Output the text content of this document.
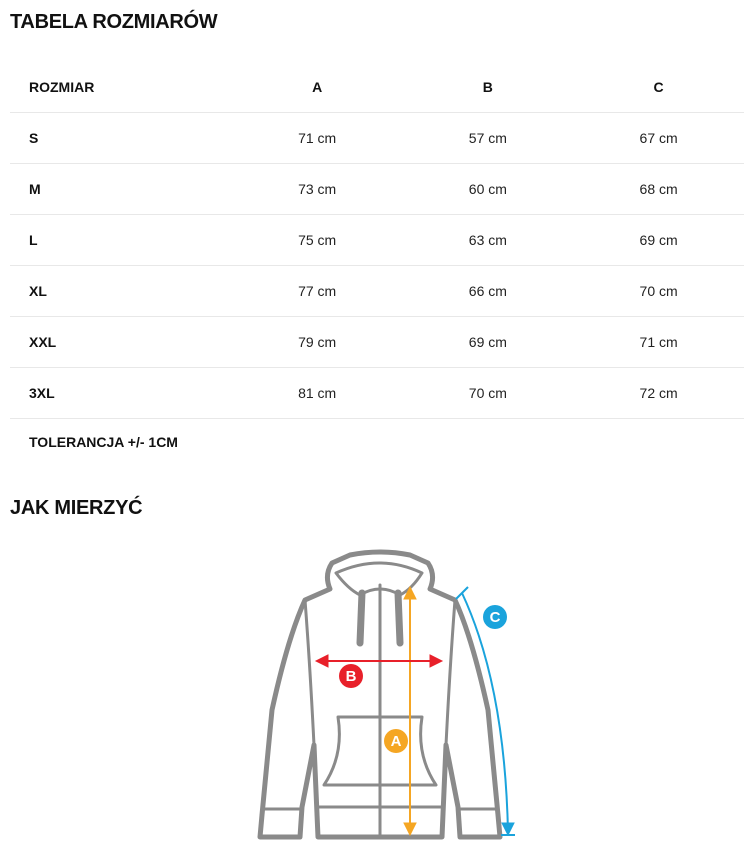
TABELA ROZMIARÓW
ROZMIAR	A	B	C
S	71 cm	57 cm	67 cm
M	73 cm	60 cm	68 cm
L	75 cm	63 cm	69 cm
XL	77 cm	66 cm	70 cm
XXL	79 cm	69 cm	71 cm
3XL	81 cm	70 cm	72 cm
TOLERANCJA +/- 1CM			
JAK MIERZYĆ
A
B
C
